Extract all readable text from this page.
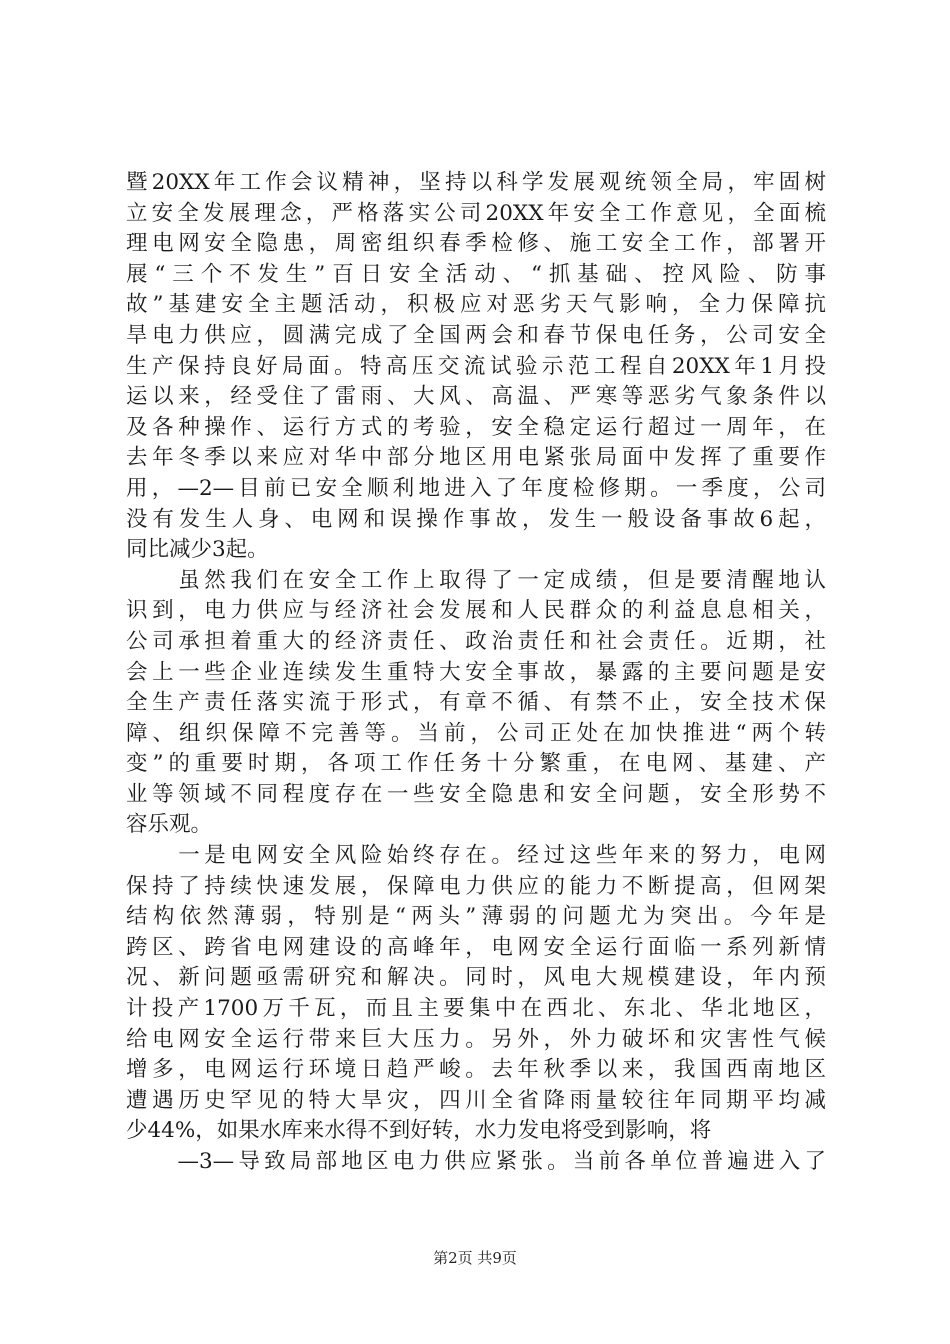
暨20XX年工作会议精神，坚持以科学发展观统领全局，牢固树
立安全发展理念，严格落实公司20XX年安全工作意见，全面梳
理电网安全隐患，周密组织春季检修、施工安全工作，部署开
展“三个不发生”百日安全活动、“抓基础、控风险、防事
故”基建安全主题活动，积极应对恶劣天气影响，全力保障抗
旱电力供应，圆满完成了全国两会和春节保电任务，公司安全
生产保持良好局面。特高压交流试验示范工程自20XX年1月投
运以来，经受住了雷雨、大风、高温、严寒等恶劣气象条件以
及各种操作、运行方式的考验，安全稳定运行超过一周年，在
去年冬季以来应对华中部分地区用电紧张局面中发挥了重要作
用，—2—目前已安全顺利地进入了年度检修期。一季度，公司
没有发生人身、电网和误操作事故，发生一般设备事故6起，
同比减少3起。
　　虽然我们在安全工作上取得了一定成绩，但是要清醒地认
识到，电力供应与经济社会发展和人民群众的利益息息相关，
公司承担着重大的经济责任、政治责任和社会责任。近期，社
会上一些企业连续发生重特大安全事故，暴露的主要问题是安
全生产责任落实流于形式，有章不循、有禁不止，安全技术保
障、组织保障不完善等。当前，公司正处在加快推进“两个转
变”的重要时期，各项工作任务十分繁重，在电网、基建、产
业等领域不同程度存在一些安全隐患和安全问题，安全形势不
容乐观。
　　一是电网安全风险始终存在。经过这些年来的努力，电网
保持了持续快速发展，保障电力供应的能力不断提高，但网架
结构依然薄弱，特别是“两头”薄弱的问题尤为突出。今年是
跨区、跨省电网建设的高峰年，电网安全运行面临一系列新情
况、新问题亟需研究和解决。同时，风电大规模建设，年内预
计投产1700万千瓦，而且主要集中在西北、东北、华北地区，
给电网安全运行带来巨大压力。另外，外力破坏和灾害性气候
增多，电网运行环境日趋严峻。去年秋季以来，我国西南地区
遭遇历史罕见的特大旱灾，四川全省降雨量较往年同期平均减
少44%，如果水库来水得不到好转，水力发电将受到影响，将
　　—3—导致局部地区电力供应紧张。当前各单位普遍进入了
第2页 共9页
